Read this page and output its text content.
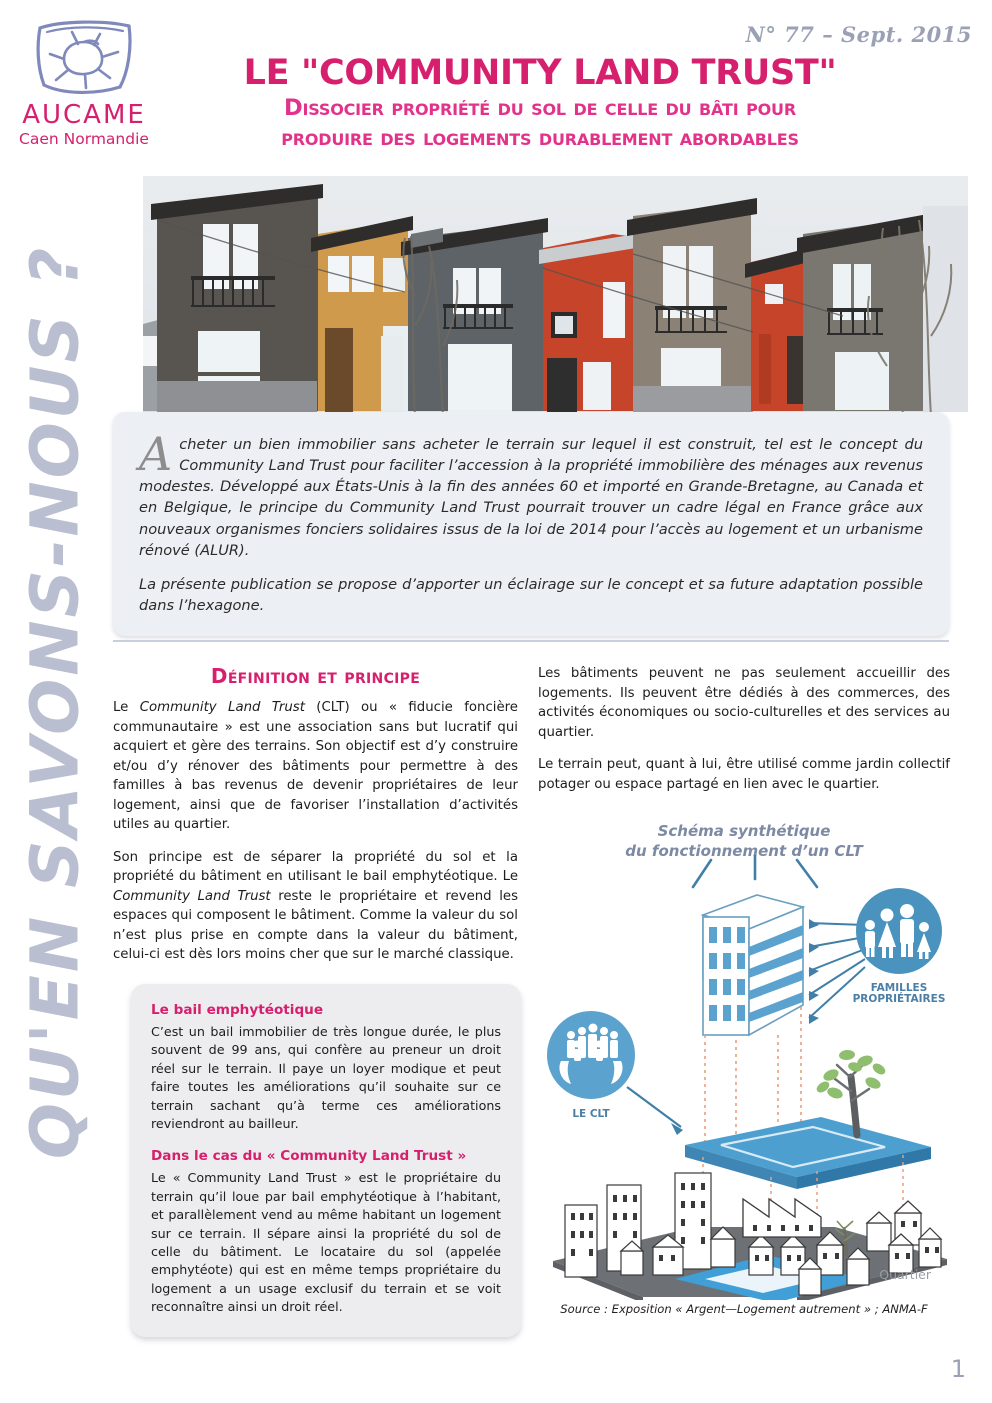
QU'EN SAVONS-NOUS ?
AUCAME
Caen Normandie
N° 77 – Sept. 2015
LE "COMMUNITY LAND TRUST"
Dissocier propriété du sol de celle du bâti pour
produire des logements durablement abordables

Acheter un bien immobilier sans acheter le terrain sur lequel il est construit, tel est le concept du Community Land Trust pour faciliter l’accession à la propriété immobilière des ménages aux revenus modestes. Développé aux États-Unis à la fin des années 60 et importé en Grande-Bretagne, au Canada et en Belgique, le principe du Community Land Trust pourrait trouver un cadre légal en France grâce aux nouveaux organismes fonciers solidaires issus de la loi de 2014 pour l’accès au logement et un urbanisme rénové (ALUR).

La présente publication se propose d’apporter un éclairage sur le concept et sa future adaptation possible dans l’hexagone.

Définition et principe

Le Community Land Trust (CLT) ou « fiducie foncière communautaire » est une association sans but lucratif qui acquiert et gère des terrains. Son objectif est d’y construire et/ou d’y rénover des bâtiments pour permettre à des familles à bas revenus de devenir propriétaires de leur logement, ainsi que de favoriser l’installation d’activités utiles au quartier.

Son principe est de séparer la propriété du sol et la propriété du bâtiment en utilisant le bail emphytéotique. Le Community Land Trust reste le propriétaire et revend les espaces qui composent le bâtiment. Comme la valeur du sol n’est plus prise en compte dans la valeur du bâtiment, celui-ci est dès lors moins cher que sur le marché classique.

Les bâtiments peuvent ne pas seulement accueillir des logements. Ils peuvent être dédiés à des commerces, des activités économiques ou socio-culturelles et des services au quartier.

Le terrain peut, quant à lui, être utilisé comme jardin collectif potager ou espace partagé en lien avec le quartier.

Schéma synthétique
du fonctionnement d’un CLT
Le bail emphytéotique
C’est un bail immobilier de très longue durée, le plus souvent de 99 ans, qui confère au preneur un droit réel sur le terrain. Il paye un loyer modique et peut faire toutes les améliorations qu’il souhaite sur ce terrain sachant qu’à terme ces améliorations reviendront au bailleur.
Dans le cas du « Community Land Trust »
Le « Community Land Trust » est le propriétaire du terrain qu’il loue par bail emphytéotique à l’habitant, et parallèlement vend au même habitant un logement sur ce terrain. Il sépare ainsi la propriété du sol de celle du bâtiment. Le locataire du sol (appelée emphytéote) qui est en même temps propriétaire du logement a un usage exclusif du terrain et se voit reconnaître ainsi un droit réel.
FAMILLES
PROPRIÉTAIRES
LE CLT
Quartier
Source : Exposition « Argent—Logement autrement » ; ANMA-F
1
